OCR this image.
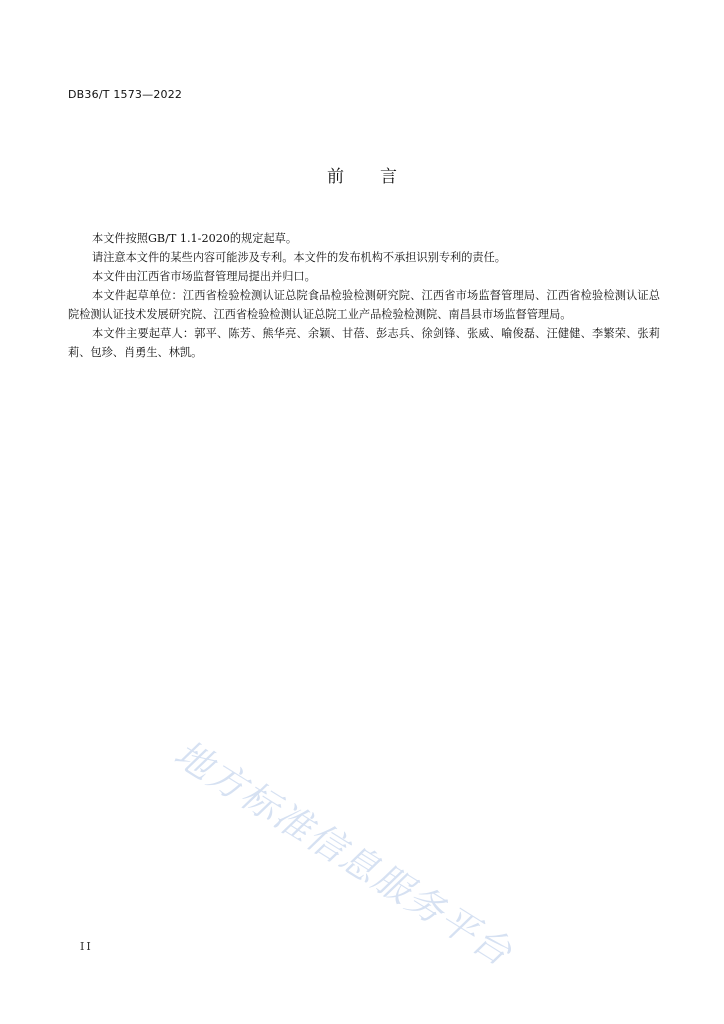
DB36/T 1573—2022
前言

本文件按照GB/T 1.1-2020的规定起草。

请注意本文件的某些内容可能涉及专利。本文件的发布机构不承担识别专利的责任。

本文件由江西省市场监督管理局提出并归口。

本文件起草单位：江西省检验检测认证总院食品检验检测研究院、江西省市场监督管理局、江西省检验检测认证总院检测认证技术发展研究院、江西省检验检测认证总院工业产品检验检测院、南昌县市场监督管理局。

本文件主要起草人：郭平、陈芳、熊华亮、余颖、甘蓓、彭志兵、徐剑锋、张威、喻俊磊、汪健健、李繁荣、张莉莉、包珍、肖勇生、林凯。

地方标准信息服务平台
II
